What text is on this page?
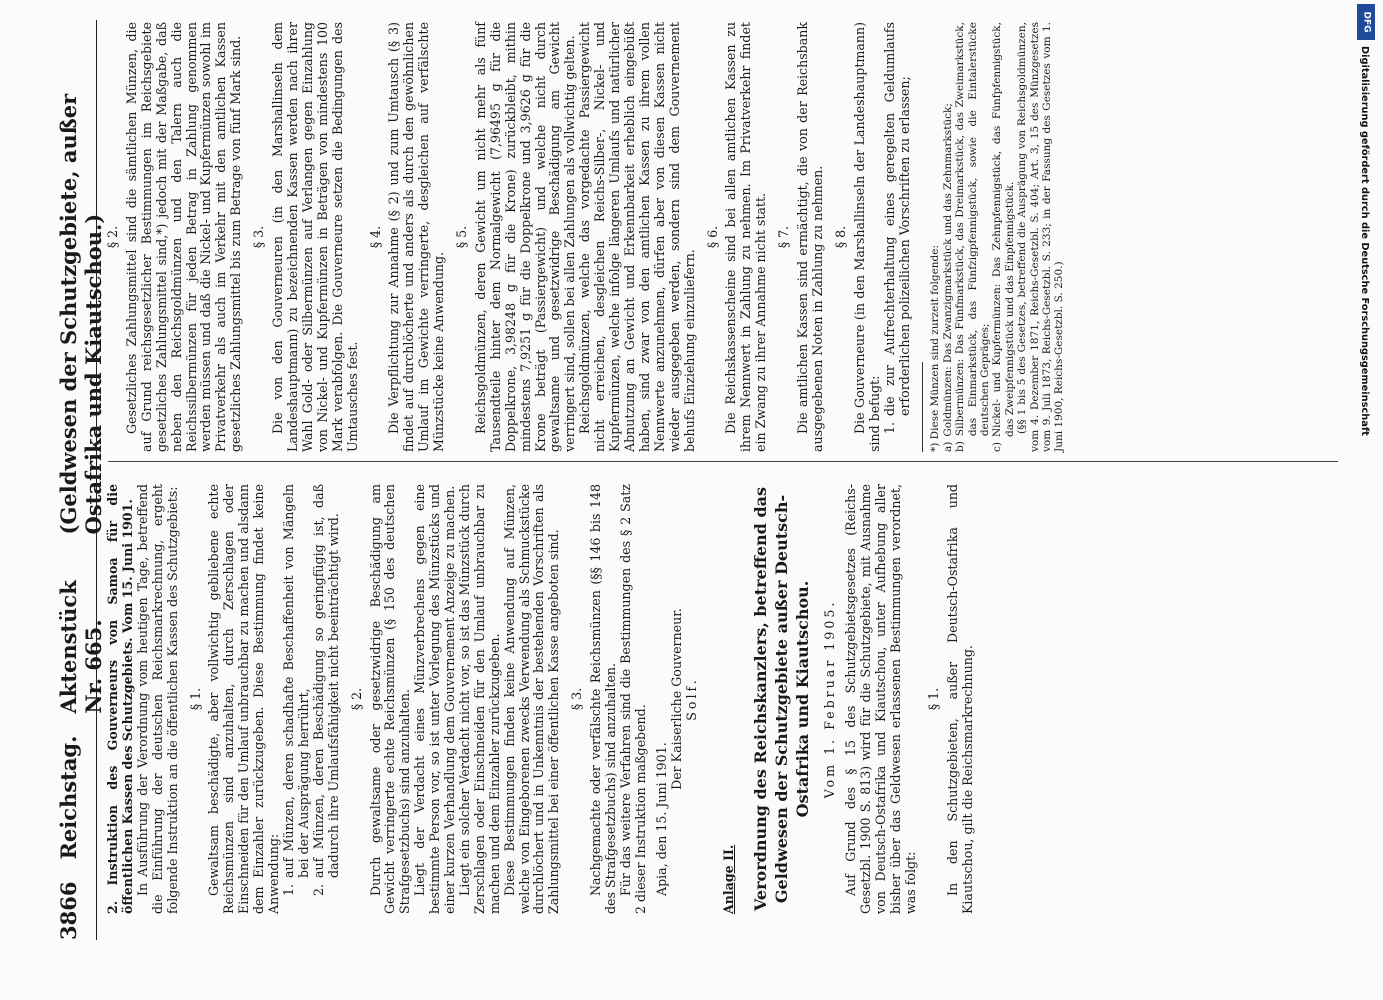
3866
Reichstag.
Aktenstück Nr. 665.
(Geldwesen der Schutzgebiete, außer Ostafrika und Kiautschou.)

2. Instruktion des Gouverneurs von Samoa für die öffentlichen Kassen des Schutzgebiets. Vom 15. Juni 1901. In Ausführung der Verordnung vom heutigen Tage, betreffend die Einführung der deutschen Reichsmarkrechnung, ergeht folgende Instruktion an die öffentlichen Kassen des Schutzgebiets: § 1. Gewaltsam beschädigte, aber vollwichtig gebliebene echte Reichsmünzen sind anzuhalten, durch Zerschlagen oder Einschneiden für den Umlauf unbrauchbar zu machen und alsdann dem Einzahler zurückzugeben. Diese Bestimmung findet keine Anwendung: 1.
auf Münzen, deren schadhafte Beschaffenheit von Mängeln bei der Ausprägung herrührt,
2.
auf Münzen, deren Beschädigung so geringfügig ist, daß dadurch ihre Umlaufsfähigkeit nicht beeinträchtigt wird. § 2. Durch gewaltsame oder gesetzwidrige Beschädigung am Gewicht verringerte echte Reichsmünzen (§ 150 des deutschen Strafgesetzbuchs) sind anzuhalten. Liegt der Verdacht eines Münzverbrechens gegen eine bestimmte Person vor, so ist unter Vorlegung des Münzstücks und einer kurzen Verhandlung dem Gouvernement Anzeige zu machen. Liegt ein solcher Verdacht nicht vor, so ist das Münzstück durch Zerschlagen oder Einschneiden für den Umlauf unbrauchbar zu machen und dem Einzahler zurückzugeben. Diese Bestimmungen finden keine Anwendung auf Münzen, welche von Eingeborenen zwecks Verwendung als Schmuckstücke durchlöchert und in Unkenntnis der bestehenden Vorschriften als Zahlungsmittel bei einer öffentlichen Kasse angeboten sind. § 3. Nachgemachte oder verfälschte Reichsmünzen (§§ 146 bis 148 des Strafgesetzbuchs) sind anzuhalten. Für das weitere Verfahren sind die Bestimmungen des § 2 Satz 2 dieser Instruktion maßgebend. Apia, den 15. Juni 1901.

Der Kaiserliche Gouverneur. Solf.

Anlage II. Verordnung des Reichskanzlers, betreffend das Geldwesen der Schutzgebiete außer Deutsch-Ostafrika und Kiautschou. Vom 1. Februar 1905. Auf Grund des § 15 des Schutzgebietsgesetzes (Reichs-Gesetzbl. 1900 S. 813) wird für die Schutzgebiete, mit Ausnahme von Deutsch-Ostafrika und Kiautschou, unter Aufhebung aller bisher über das Geldwesen erlassenen Bestimmungen verordnet, was folgt:

§ 1. In den Schutzgebieten, außer Deutsch-Ostafrika und Kiautschou, gilt die Reichsmarkrechnung.

§ 2. Gesetzliches Zahlungsmittel sind die sämtlichen Münzen, die auf Grund reichsgesetzlicher Bestimmungen im Reichsgebiete gesetzliches Zahlungsmittel sind,*) jedoch mit der Maßgabe, daß neben den Reichsgoldmünzen und den Talern auch die Reichssilbermünzen für jeden Betrag in Zahlung genommen werden müssen und daß die Nickel- und Kupfermünzen sowohl im Privatverkehr als auch im Verkehr mit den amtlichen Kassen gesetzliches Zahlungsmittel bis zum Betrage von fünf Mark sind. § 3. Die von den Gouverneuren (in den Marshallinseln dem Landeshauptmann) zu bezeichnenden Kassen werden nach ihrer Wahl Gold- oder Silbermünzen auf Verlangen gegen Einzahlung von Nickel- und Kupfermünzen in Beträgen von mindestens 100 Mark verabfolgen. Die Gouverneure setzen die Bedingungen des Umtausches fest.

§ 4. Die Verpflichtung zur Annahme (§ 2) und zum Umtausch (§ 3) findet auf durchlöcherte und anders als durch den gewöhnlichen Umlauf im Gewichte verringerte, desgleichen auf verfälschte Münzstücke keine Anwendung.

§ 5. Reichsgoldmünzen, deren Gewicht um nicht mehr als fünf Tausendteile hinter dem Normalgewicht (7,96495 g für die Doppelkrone, 3,98248 g für die Krone) zurückbleibt, mithin mindestens 7,9251 g für die Doppelkrone und 3,9626 g für die Krone beträgt (Passiergewicht) und welche nicht durch gewaltsame und gesetzwidrige Beschädigung am Gewicht verringert sind, sollen bei allen Zahlungen als vollwichtig gelten. Reichsgoldmünzen, welche das vorgedachte Passiergewicht nicht erreichen, desgleichen Reichs-Silber-, Nickel- und Kupfermünzen, welche infolge längeren Umlaufs und natürlicher Abnutzung an Gewicht und Erkennbarkeit erheblich eingebüßt haben, sind zwar von den amtlichen Kassen zu ihrem vollen Nennwerte anzunehmen, dürfen aber von diesen Kassen nicht wieder ausgegeben werden, sondern sind dem Gouvernement behufs Einziehung einzuliefern.

§ 6. Die Reichskassenscheine sind bei allen amtlichen Kassen zu ihrem Nennwert in Zahlung zu nehmen. Im Privatverkehr findet ein Zwang zu ihrer Annahme nicht statt. § 7. Die amtlichen Kassen sind ermächtigt, die von der Reichsbank ausgegebenen Noten in Zahlung zu nehmen. § 8. Die Gouverneure (in den Marshallinseln der Landeshauptmann) sind befugt: 1.
die zur Aufrechterhaltung eines geregelten Geldumlaufs erforderlichen polizeilichen Vorschriften zu erlassen; *) Diese Münzen sind zurzeit folgende: a)
Goldmünzen: Das Zwanzigmarkstück und das Zehnmarkstück;
b)
Silbermünzen: Das Fünfmarkstück, das Dreimarkstück, das Zweimarkstück, das Einmarkstück, das Fünfzigpfennigstück, sowie die Eintalerstücke deutschen Gepräges;
c)
Nickel- und Kupfermünzen: Das Zehnpfennigstück, das Fünfpfennigstück, das Zweipfennigstück und das Einpfennigstück. (§§ 1 bis 5 des Gesetzes, betreffend die Ausprägung von Reichsgoldmünzen, vom 4. Dezember 1871, Reichs-Gesetzbl. S. 404; Art. 3, 15 des Münzgesetzes vom 9. Juli 1873, Reichs-Gesetzbl. S. 233; in der Fassung des Gesetzes vom 1. Juni 1900, Reichs-Gesetzbl. S. 250.)

DFG
Digitalisierung gefördert durch die Deutsche Forschungsgemeinschaft
